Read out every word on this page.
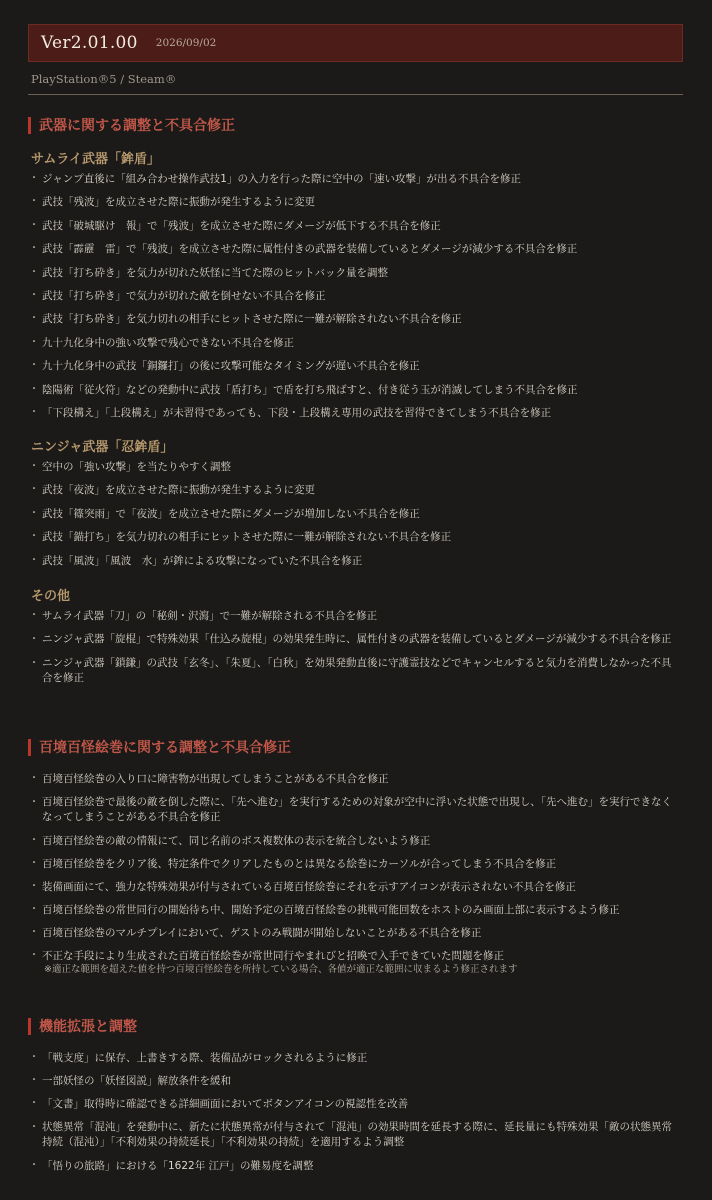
Ver2.01.00 2026/09/02
PlayStation®5 / Steam®
武器に関する調整と不具合修正
サムライ武器「鉾盾」
・ ジャンプ直後に「組み合わせ操作武技1」の入力を行った際に空中の「速い攻撃」が出る不具合を修正
・ 武技「残波」を成立させた際に振動が発生するように変更
・ 武技「破城駆け　報」で「残波」を成立させた際にダメージが低下する不具合を修正
・ 武技「霹靂　雷」で「残波」を成立させた際に属性付きの武器を装備しているとダメージが減少する不具合を修正
・ 武技「打ち砕き」を気力が切れた妖怪に当てた際のヒットバック量を調整
・ 武技「打ち砕き」で気力が切れた敵を倒せない不具合を修正
・ 武技「打ち砕き」を気力切れの相手にヒットさせた際に一難が解除されない不具合を修正
・ 九十九化身中の強い攻撃で残心できない不具合を修正
・ 九十九化身中の武技「銅鑼打」の後に攻撃可能なタイミングが遅い不具合を修正
・ 陰陽術「従火符」などの発動中に武技「盾打ち」で盾を打ち飛ばすと、付き従う玉が消滅してしまう不具合を修正
・ 「下段構え」「上段構え」が未習得であっても、下段・上段構え専用の武技を習得できてしまう不具合を修正
ニンジャ武器「忍鉾盾」
・ 空中の「強い攻撃」を当たりやすく調整
・ 武技「夜波」を成立させた際に振動が発生するように変更
・ 武技「篠突雨」で「夜波」を成立させた際にダメージが増加しない不具合を修正
・ 武技「錨打ち」を気力切れの相手にヒットさせた際に一難が解除されない不具合を修正
・ 武技「風波」「風波　水」が鉾による攻撃になっていた不具合を修正
その他
・ サムライ武器「刀」の「秘剣・沢瀉」で一難が解除される不具合を修正
・ ニンジャ武器「旋棍」で特殊効果「仕込み旋棍」の効果発生時に、属性付きの武器を装備しているとダメージが減少する不具合を修正
・ ニンジャ武器「鎖鎌」の武技「玄冬」、「朱夏」、「白秋」を効果発動直後に守護霊技などでキャンセルすると気力を消費しなかった不具合を修正
百境百怪絵巻に関する調整と不具合修正
・ 百境百怪絵巻の入り口に障害物が出現してしまうことがある不具合を修正
・ 百境百怪絵巻で最後の敵を倒した際に、「先へ進む」を実行するための対象が空中に浮いた状態で出現し、「先へ進む」を実行できなくなってしまうことがある不具合を修正
・ 百境百怪絵巻の敵の情報にて、同じ名前のボス複数体の表示を統合しないよう修正
・ 百境百怪絵巻をクリア後、特定条件でクリアしたものとは異なる絵巻にカーソルが合ってしまう不具合を修正
・ 装備画面にて、強力な特殊効果が付与されている百境百怪絵巻にそれを示すアイコンが表示されない不具合を修正
・ 百境百怪絵巻の常世同行の開始待ち中、開始予定の百境百怪絵巻の挑戦可能回数をホストのみ画面上部に表示するよう修正
・ 百境百怪絵巻のマルチプレイにおいて、ゲストのみ戦闘が開始しないことがある不具合を修正
・ 不正な手段により生成された百境百怪絵巻が常世同行やまれびと招喚で入手できていた問題を修正
※適正な範囲を超えた値を持つ百境百怪絵巻を所持している場合、各値が適正な範囲に収まるよう修正されます
機能拡張と調整
・ 「戦支度」に保存、上書きする際、装備品がロックされるように修正
・ 一部妖怪の「妖怪図説」解放条件を緩和
・ 「文書」取得時に確認できる詳細画面においてボタンアイコンの視認性を改善
・ 状態異常「混沌」を発動中に、新たに状態異常が付与されて「混沌」の効果時間を延長する際に、延長量にも特殊効果「敵の状態異常持続（混沌）」「不利効果の持続延長」「不利効果の持続」を適用するよう調整
・ 「悟りの旅路」における「1622年 江戸」の難易度を調整
